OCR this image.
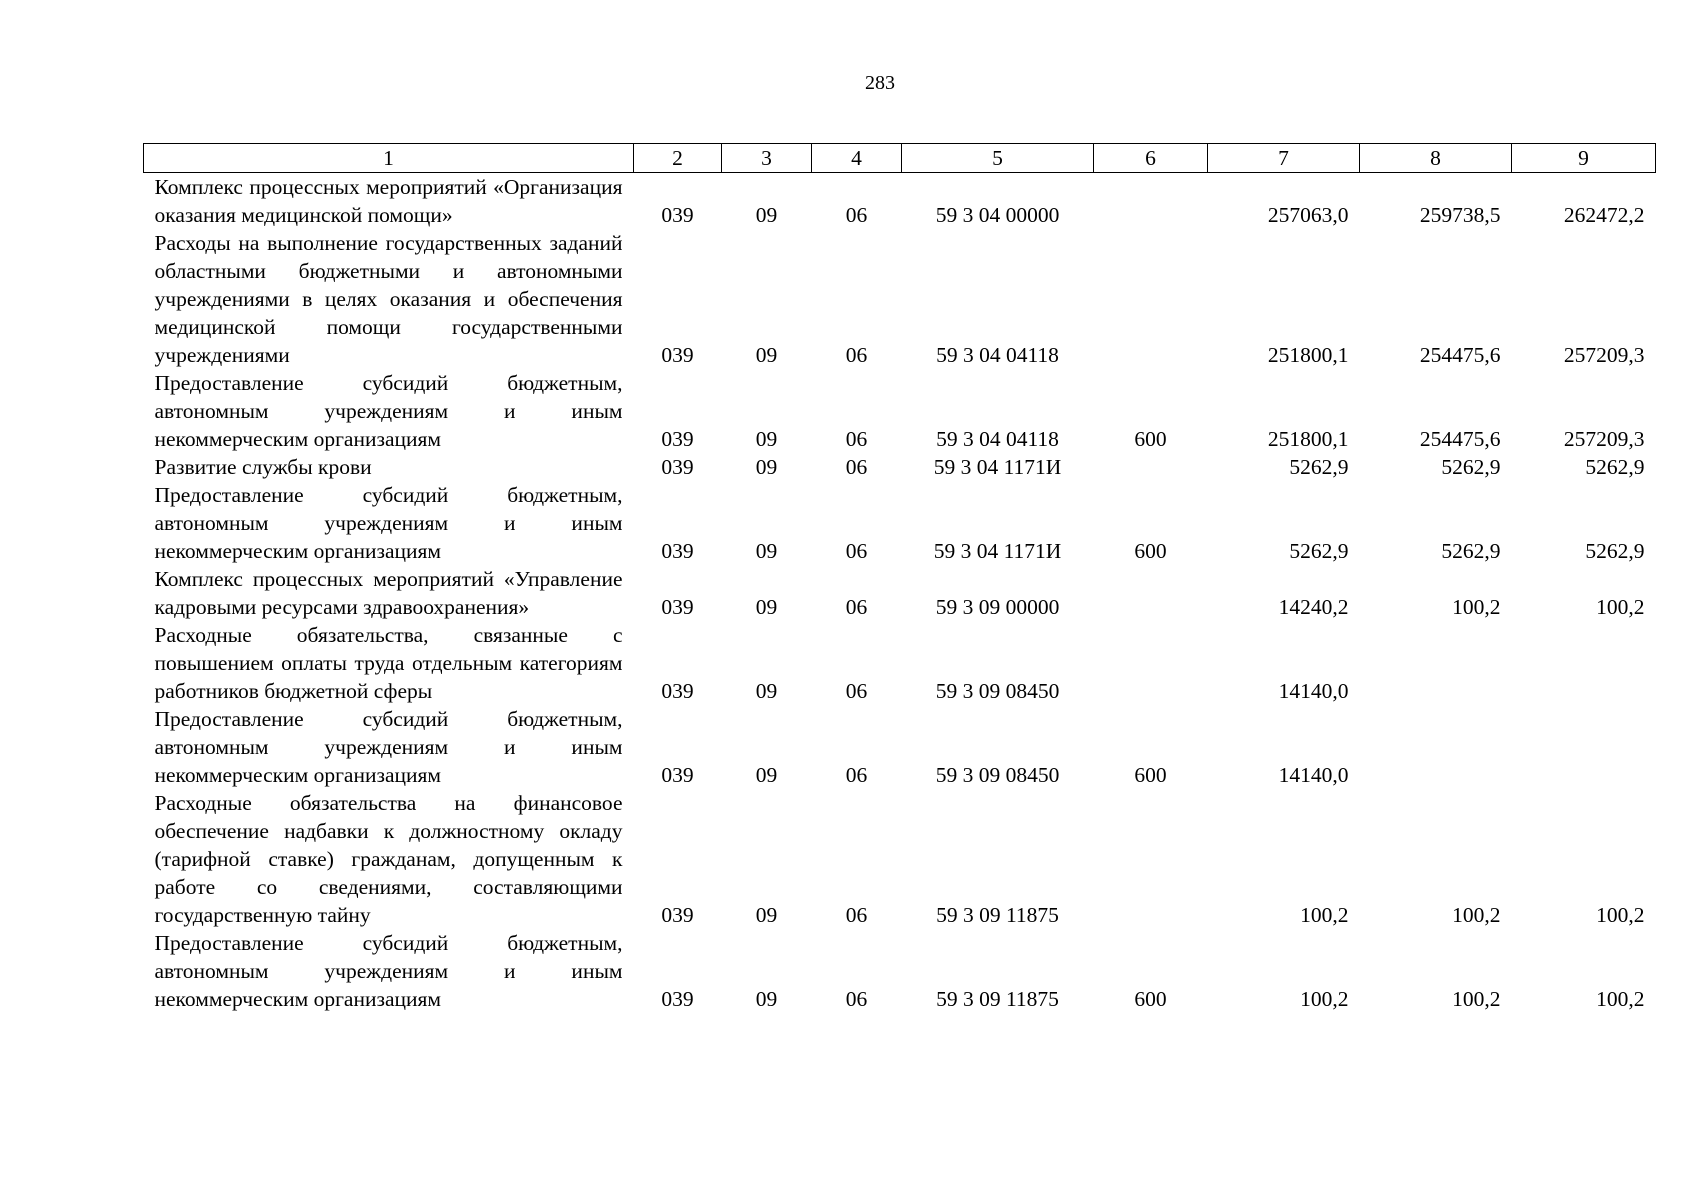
283
1	2	3	4	5	6	7	8	9
Комплекс процессных мероприятий «Организация оказания медицинской помощи»	039	09	06	59 3 04 00000		257063,0	259738,5	262472,2
Расходы на выполнение государственных заданий областными бюджетными и автономными учреждениями в целях оказания и обеспечения медицинской помощи государственными учреждениями	039	09	06	59 3 04 04118		251800,1	254475,6	257209,3
Предоставление субсидий бюджетным, автономным учреждениям и иным некоммерческим организациям	039	09	06	59 3 04 04118	600	251800,1	254475,6	257209,3
Развитие службы крови	039	09	06	59 3 04 1171И		5262,9	5262,9	5262,9
Предоставление субсидий бюджетным, автономным учреждениям и иным некоммерческим организациям	039	09	06	59 3 04 1171И	600	5262,9	5262,9	5262,9
Комплекс процессных мероприятий «Управление кадровыми ресурсами здравоохранения»	039	09	06	59 3 09 00000		14240,2	100,2	100,2
Расходные обязательства, связанные с повышением оплаты труда отдельным категориям работников бюджетной сферы	039	09	06	59 3 09 08450		14140,0		
Предоставление субсидий бюджетным, автономным учреждениям и иным некоммерческим организациям	039	09	06	59 3 09 08450	600	14140,0		
Расходные обязательства на финансовое обеспечение надбавки к должностному окладу (тарифной ставке) гражданам, допущенным к работе со сведениями, составляющими государственную тайну	039	09	06	59 3 09 11875		100,2	100,2	100,2
Предоставление субсидий бюджетным, автономным учреждениям и иным некоммерческим организациям	039	09	06	59 3 09 11875	600	100,2	100,2	100,2
